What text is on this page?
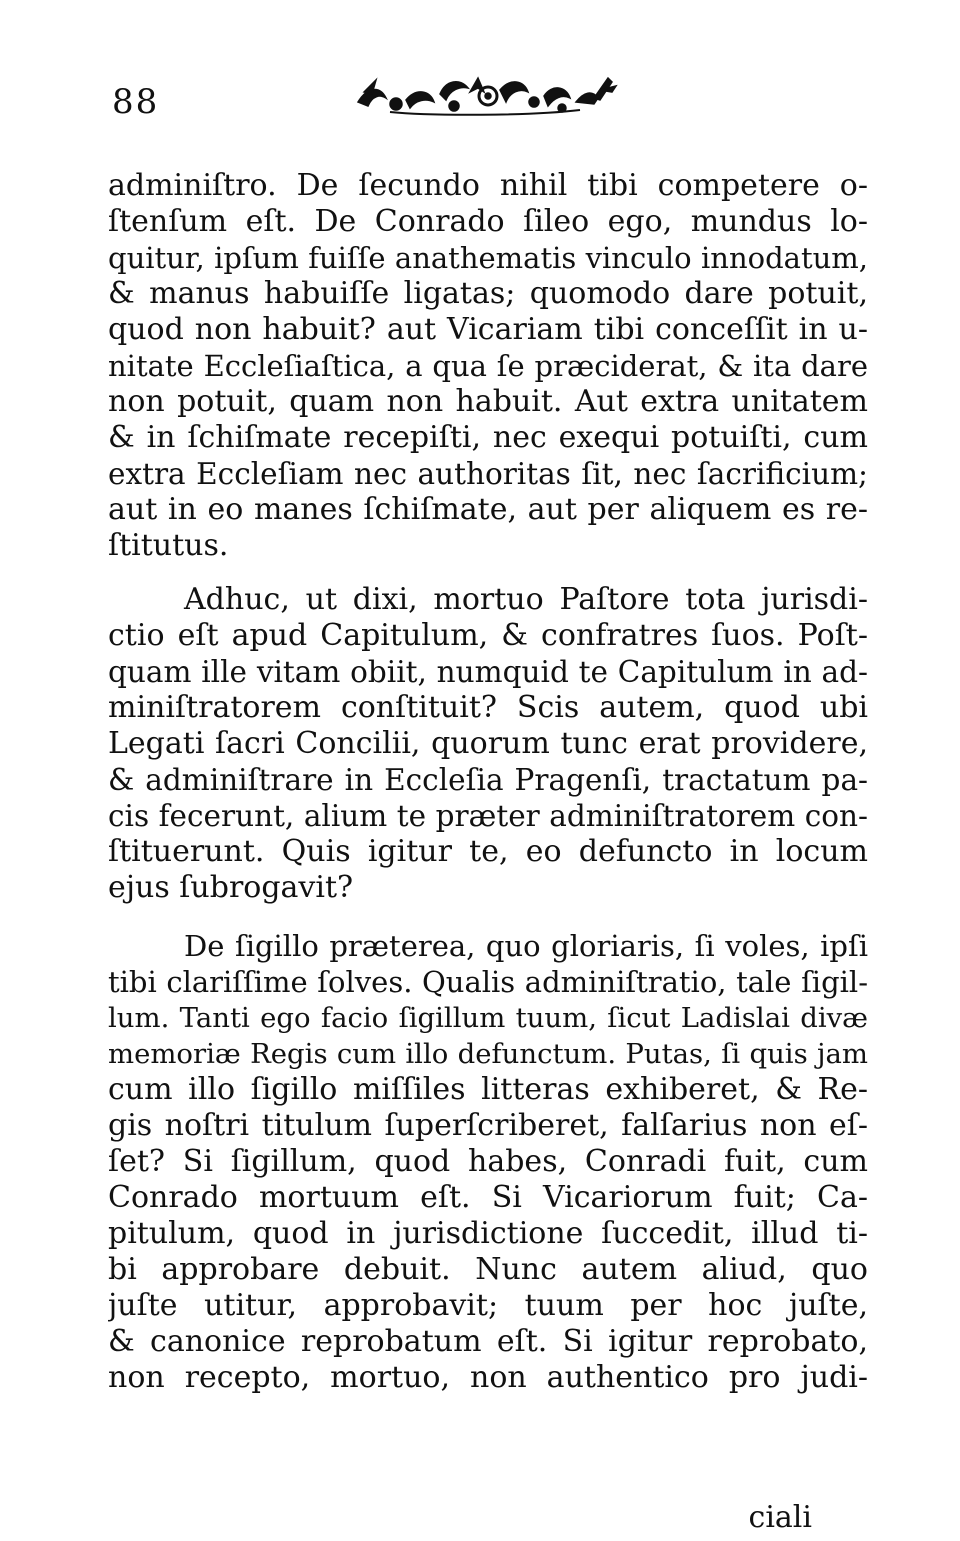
88
adminiſtro. De ſecundo nihil tibi competere o-
ſtenſum eſt. De Conrado ſileo ego, mundus lo-
quitur, ipſum fuiſſe anathematis vinculo innodatum,
& manus habuiſſe ligatas; quomodo dare potuit,
quod non habuit? aut Vicariam tibi conceſſit in u-
nitate Eccleſiaſtica, a qua ſe præciderat, & ita dare
non potuit, quam non habuit. Aut extra unitatem
& in ſchiſmate recepiſti, nec exequi potuiſti, cum
extra Eccleſiam nec authoritas ſit, nec ſacrificium;
aut in eo manes ſchiſmate, aut per aliquem es re-
ſtitutus.
Adhuc, ut dixi, mortuo Paſtore tota jurisdi-
ctio eſt apud Capitulum, & confratres ſuos. Poſt-
quam ille vitam obiit, numquid te Capitulum in ad-
miniſtratorem conſtituit? Scis autem, quod ubi
Legati ſacri Concilii, quorum tunc erat providere,
& adminiſtrare in Eccleſia Pragenſi, tractatum pa-
cis fecerunt, alium te præter adminiſtratorem con-
ſtituerunt. Quis igitur te, eo defuncto in locum
ejus ſubrogavit?
De ſigillo præterea, quo gloriaris, ſi voles, ipſi
tibi clariſſime ſolves. Qualis adminiſtratio, tale ſigil-
lum. Tanti ego facio ſigillum tuum, ſicut Ladislai divæ
memoriæ Regis cum illo defunctum. Putas, ſi quis jam
cum illo ſigillo miſſiles litteras exhiberet, & Re-
gis noſtri titulum ſuperſcriberet, falſarius non eſ-
ſet? Si ſigillum, quod habes, Conradi fuit, cum
Conrado mortuum eſt. Si Vicariorum fuit; Ca-
pitulum, quod in jurisdictione ſuccedit, illud ti-
bi approbare debuit. Nunc autem aliud, quo
juſte utitur, approbavit; tuum per hoc juſte,
& canonice reprobatum eſt. Si igitur reprobato,
non recepto, mortuo, non authentico pro judi-
ciali
